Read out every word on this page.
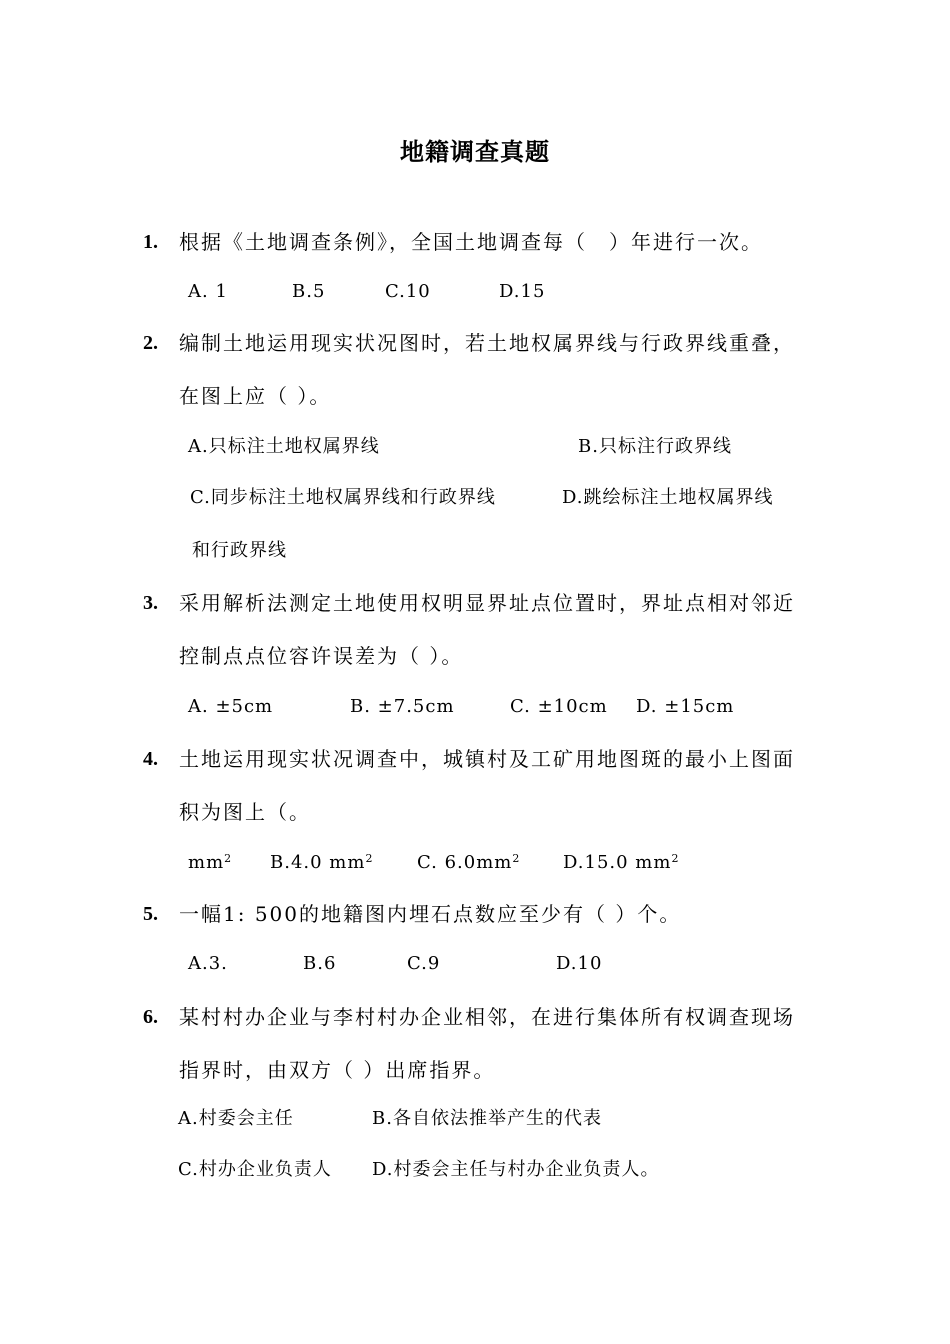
地籍调查真题
1. 根据《土地调查条例》，全国土地调查每（　）年进行一次。
A. 1	B.5	C.10	D.15
2. 编制土地运用现实状况图时，若土地权属界线与行政界线重叠，
在图上应（ ）。
A.只标注土地权属界线	B.只标注行政界线
C.同步标注土地权属界线和行政界线	D.跳绘标注土地权属界线
和行政界线
3. 采用解析法测定土地使用权明显界址点位置时，界址点相对邻近
控制点点位容许误差为（ ）。
A. ±5cm	B. ±7.5cm	C. ±10cm D. ±15cm
4. 土地运用现实状况调查中，城镇村及工矿用地图斑的最小上图面
积为图上（。
$mm^2$ B.4.0 $mm^2$ C. $6.0mm^2$ D.15.0 $mm^2$
5. 一幅1: 500的地籍图内埋石点数应至少有（ ）个。
A.3.	B.6	C.9	D.10
6. 某村村办企业与李村村办企业相邻，在进行集体所有权调查现场
指界时，由双方（ ）出席指界。
A.村委会主任	B.各自依法推举产生的代表
C.村办企业负责人 D.村委会主任与村办企业负责人。
